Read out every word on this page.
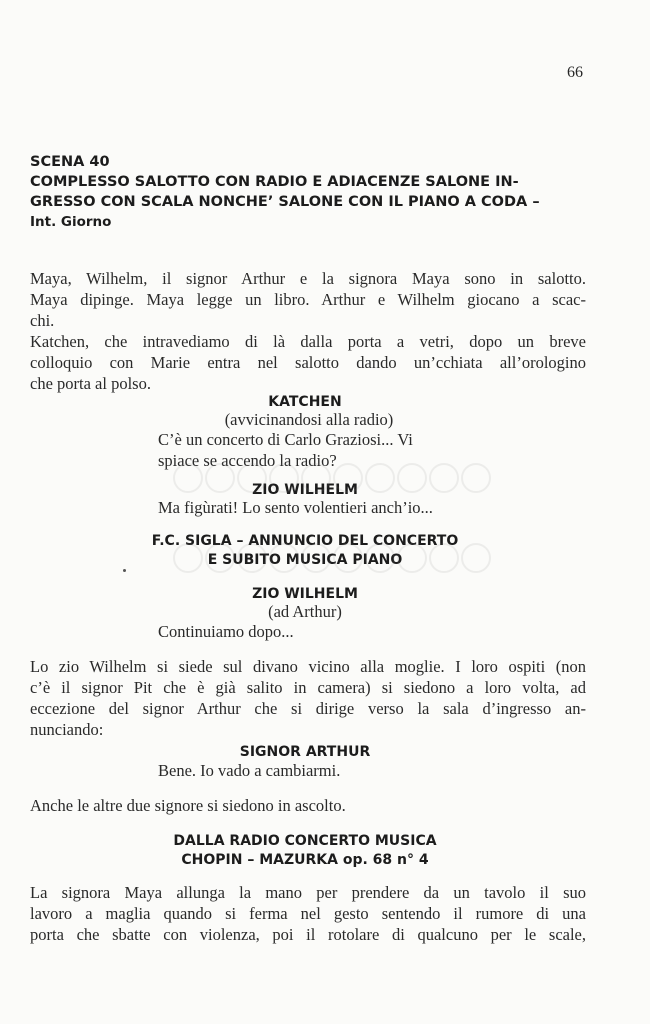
66
SCENA 40
COMPLESSO SALOTTO CON RADIO E ADIACENZE SALONE IN-
GRESSO CON SCALA NONCHE’ SALONE CON IL PIANO A CODA –
Int. Giorno
Maya, Wilhelm, il signor Arthur e la signora Maya sono in salotto.
Maya dipinge. Maya legge un libro. Arthur e Wilhelm giocano a scac-
chi.
Katchen, che intravediamo di là dalla porta a vetri, dopo un breve
colloquio con Marie entra nel salotto dando un’cchiata all’orologino
che porta al polso.
KATCHEN
(avvicinandosi alla radio)
C’è un concerto di Carlo Graziosi... Vi
spiace se accendo la radio?
ZIO WILHELM
Ma figùrati! Lo sento volentieri anch’io...
F.C. SIGLA – ANNUNCIO DEL CONCERTO
E SUBITO MUSICA PIANO
ZIO WILHELM
(ad Arthur)
Continuiamo dopo...
Lo zio Wilhelm si siede sul divano vicino alla moglie. I loro ospiti (non
c’è il signor Pit che è già salito in camera) si siedono a loro volta, ad
eccezione del signor Arthur che si dirige verso la sala d’ingresso an-
nunciando:
SIGNOR ARTHUR
Bene. Io vado a cambiarmi.
Anche le altre due signore si siedono in ascolto.
DALLA RADIO CONCERTO MUSICA
CHOPIN – MAZURKA op. 68 n° 4
La signora Maya allunga la mano per prendere da un tavolo il suo
lavoro a maglia quando si ferma nel gesto sentendo il rumore di una
porta che sbatte con violenza, poi il rotolare di qualcuno per le scale,
